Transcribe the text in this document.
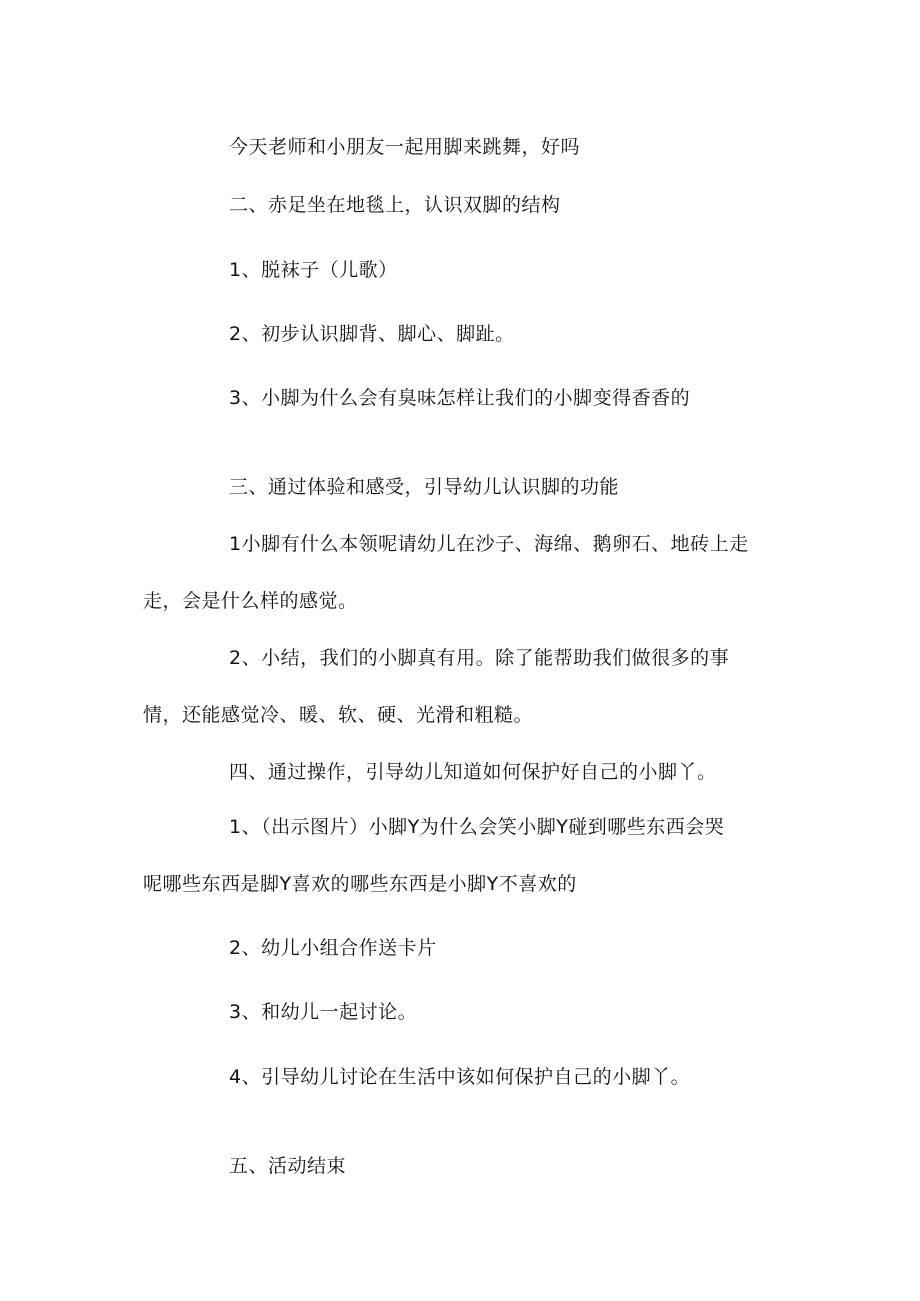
今天老师和小朋友一起用脚来跳舞，好吗
二、赤足坐在地毯上，认识双脚的结构
1、脱袜子（儿歌）
2、初步认识脚背、脚心、脚趾。
3、小脚为什么会有臭味怎样让我们的小脚变得香香的
三、通过体验和感受，引导幼儿认识脚的功能
1小脚有什么本领呢请幼儿在沙子、海绵、鹅卵石、地砖上走
走，会是什么样的感觉。
2、小结，我们的小脚真有用。除了能帮助我们做很多的事
情，还能感觉冷、暖、软、硬、光滑和粗糙。
四、通过操作，引导幼儿知道如何保护好自己的小脚丫。
1、（出示图片）小脚Y为什么会笑小脚Y碰到哪些东西会哭
呢哪些东西是脚Y喜欢的哪些东西是小脚Y不喜欢的
2、幼儿小组合作送卡片
3、和幼儿一起讨论。
4、引导幼儿讨论在生活中该如何保护自己的小脚丫。
五、活动结束
